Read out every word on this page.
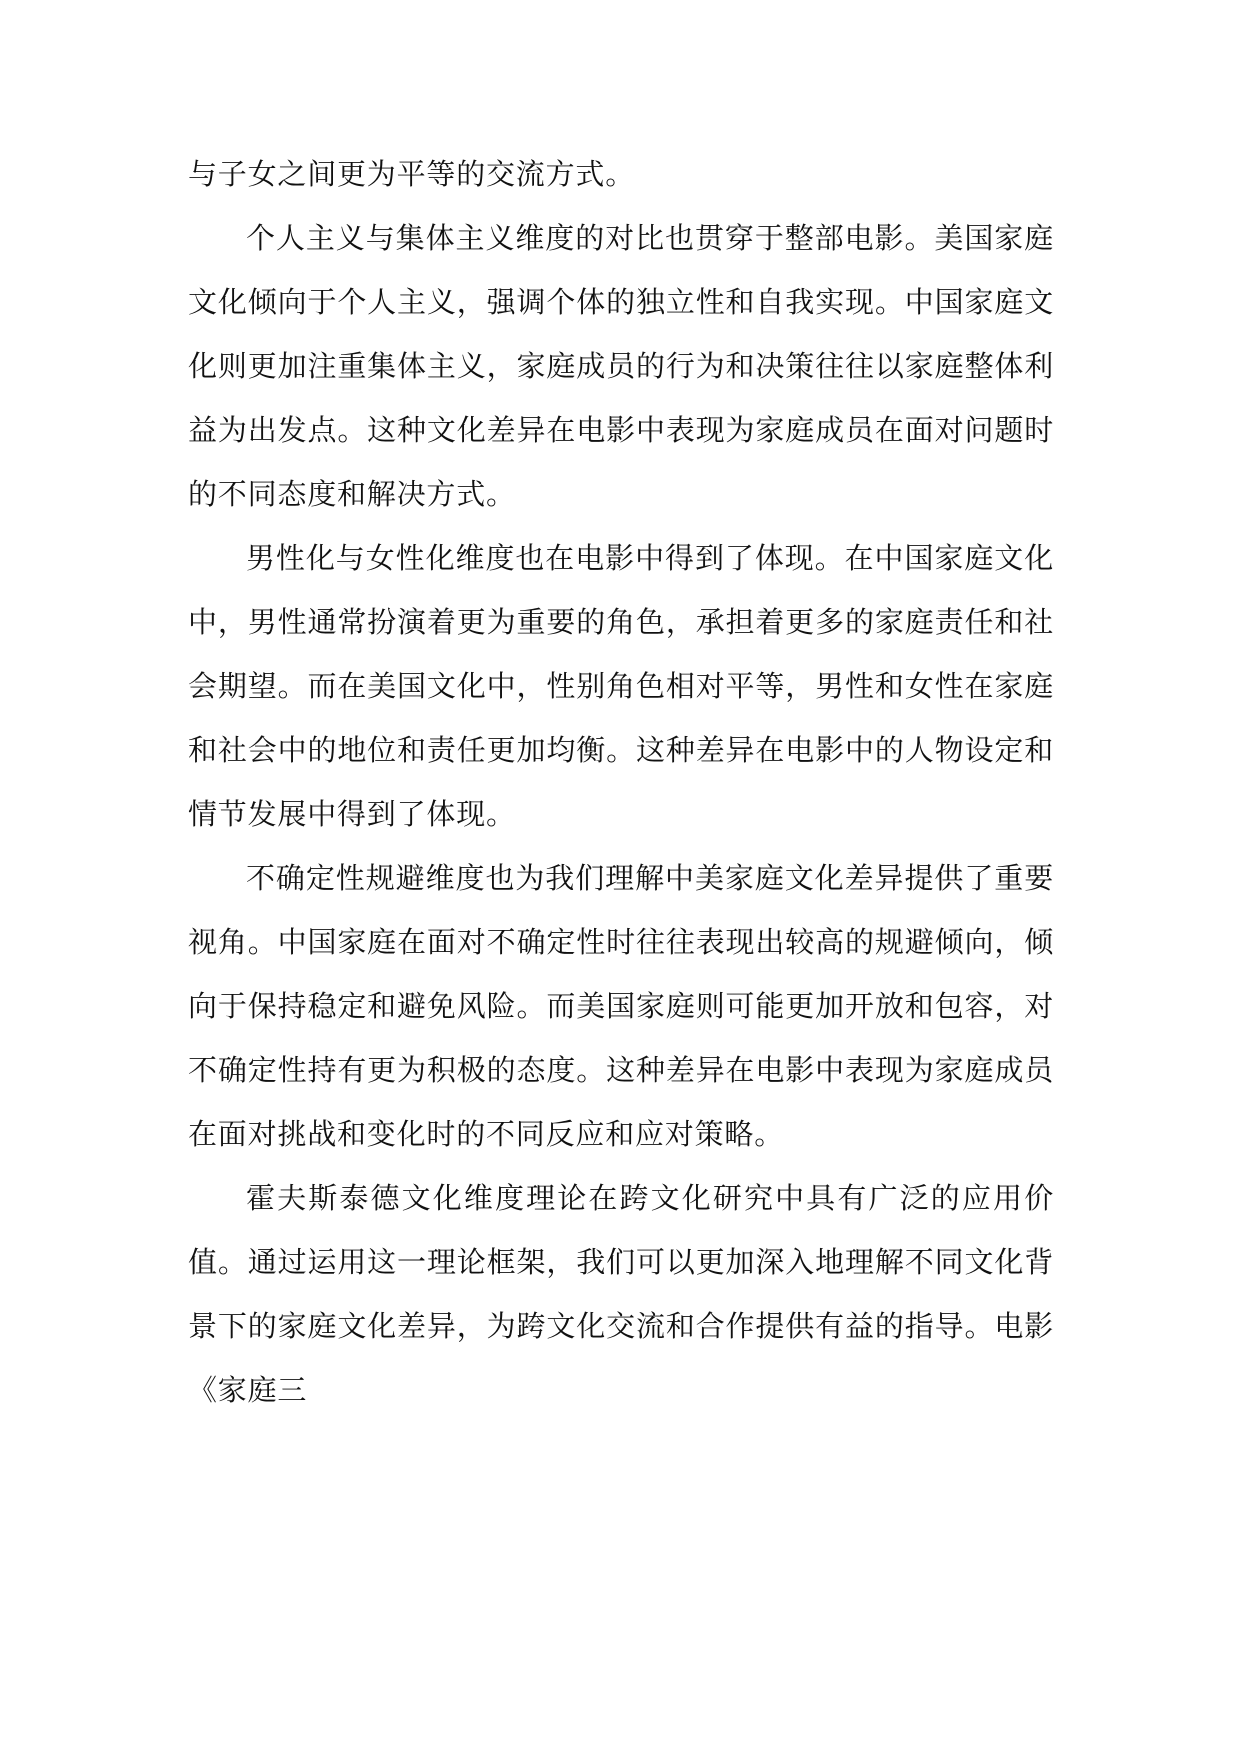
与子女之间更为平等的交流方式。

个人主义与集体主义维度的对比也贯穿于整部电影。美国家庭文化倾向于个人主义，强调个体的独立性和自我实现。中国家庭文化则更加注重集体主义，家庭成员的行为和决策往往以家庭整体利益为出发点。这种文化差异在电影中表现为家庭成员在面对问题时的不同态度和解决方式。

男性化与女性化维度也在电影中得到了体现。在中国家庭文化中，男性通常扮演着更为重要的角色，承担着更多的家庭责任和社会期望。而在美国文化中，性别角色相对平等，男性和女性在家庭和社会中的地位和责任更加均衡。这种差异在电影中的人物设定和情节发展中得到了体现。

不确定性规避维度也为我们理解中美家庭文化差异提供了重要视角。中国家庭在面对不确定性时往往表现出较高的规避倾向，倾向于保持稳定和避免风险。而美国家庭则可能更加开放和包容，对不确定性持有更为积极的态度。这种差异在电影中表现为家庭成员在面对挑战和变化时的不同反应和应对策略。

霍夫斯泰德文化维度理论在跨文化研究中具有广泛的应用价值。通过运用这一理论框架，我们可以更加深入地理解不同文化背景下的家庭文化差异，为跨文化交流和合作提供有益的指导。电影《家庭三
